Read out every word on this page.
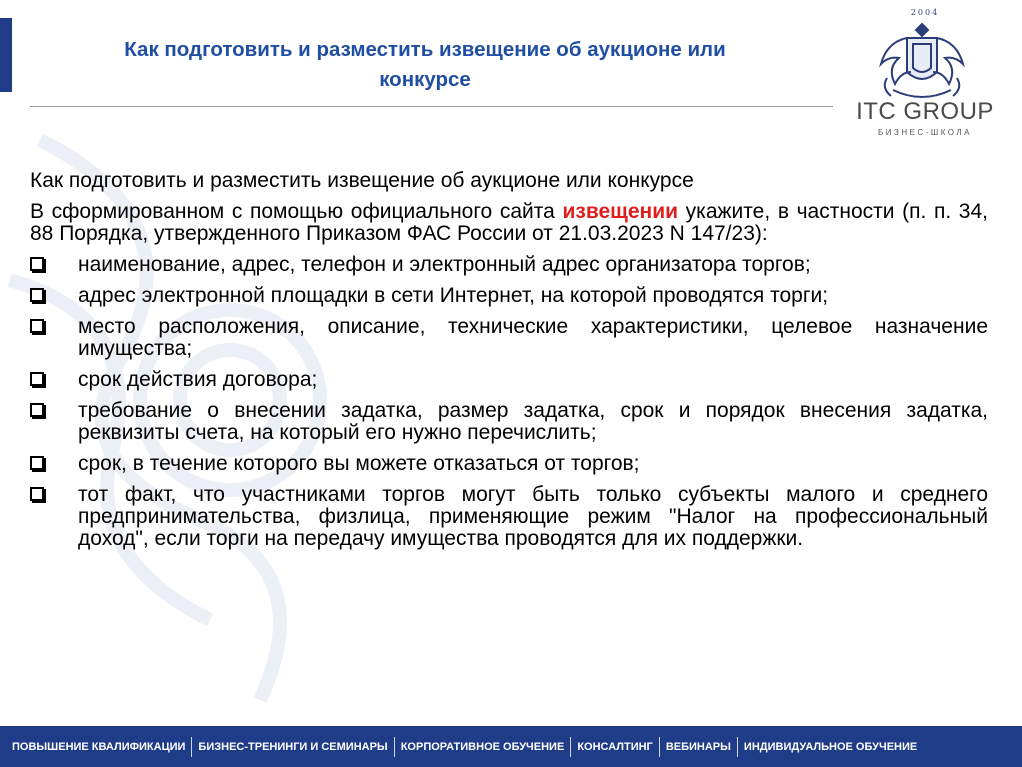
Как подготовить и разместить извещение об аукционе или
конкурсе
2004
ITC GROUP
БИЗНЕС-ШКОЛА

Как подготовить и разместить извещение об аукционе или конкурсе

В сформированном с помощью официального сайта извещении укажите, в частности (п. п. 34, 88 Порядка, утвержденного Приказом ФАС России от 21.03.2023 N 147/23):

наименование, адрес, телефон и электронный адрес организатора торгов;
адрес электронной площадки в сети Интернет, на которой проводятся торги;
место расположения, описание, технические характеристики, целевое назначение имущества;
срок действия договора;
требование о внесении задатка, размер задатка, срок и порядок внесения задатка, реквизиты счета, на который его нужно перечислить;
срок, в течение которого вы можете отказаться от торгов;
тот факт, что участниками торгов могут быть только субъекты малого и среднего предпринимательства, физлица, применяющие режим "Налог на профессиональный доход", если торги на передачу имущества проводятся для их поддержки.
ПОВЫШЕНИЕ КВАЛИФИКАЦИИ	БИЗНЕС-ТРЕНИНГИ И СЕМИНАРЫ	КОРПОРАТИВНОЕ ОБУЧЕНИЕ	КОНСАЛТИНГ	ВЕБИНАРЫ	ИНДИВИДУАЛЬНОЕ ОБУЧЕНИЕ
